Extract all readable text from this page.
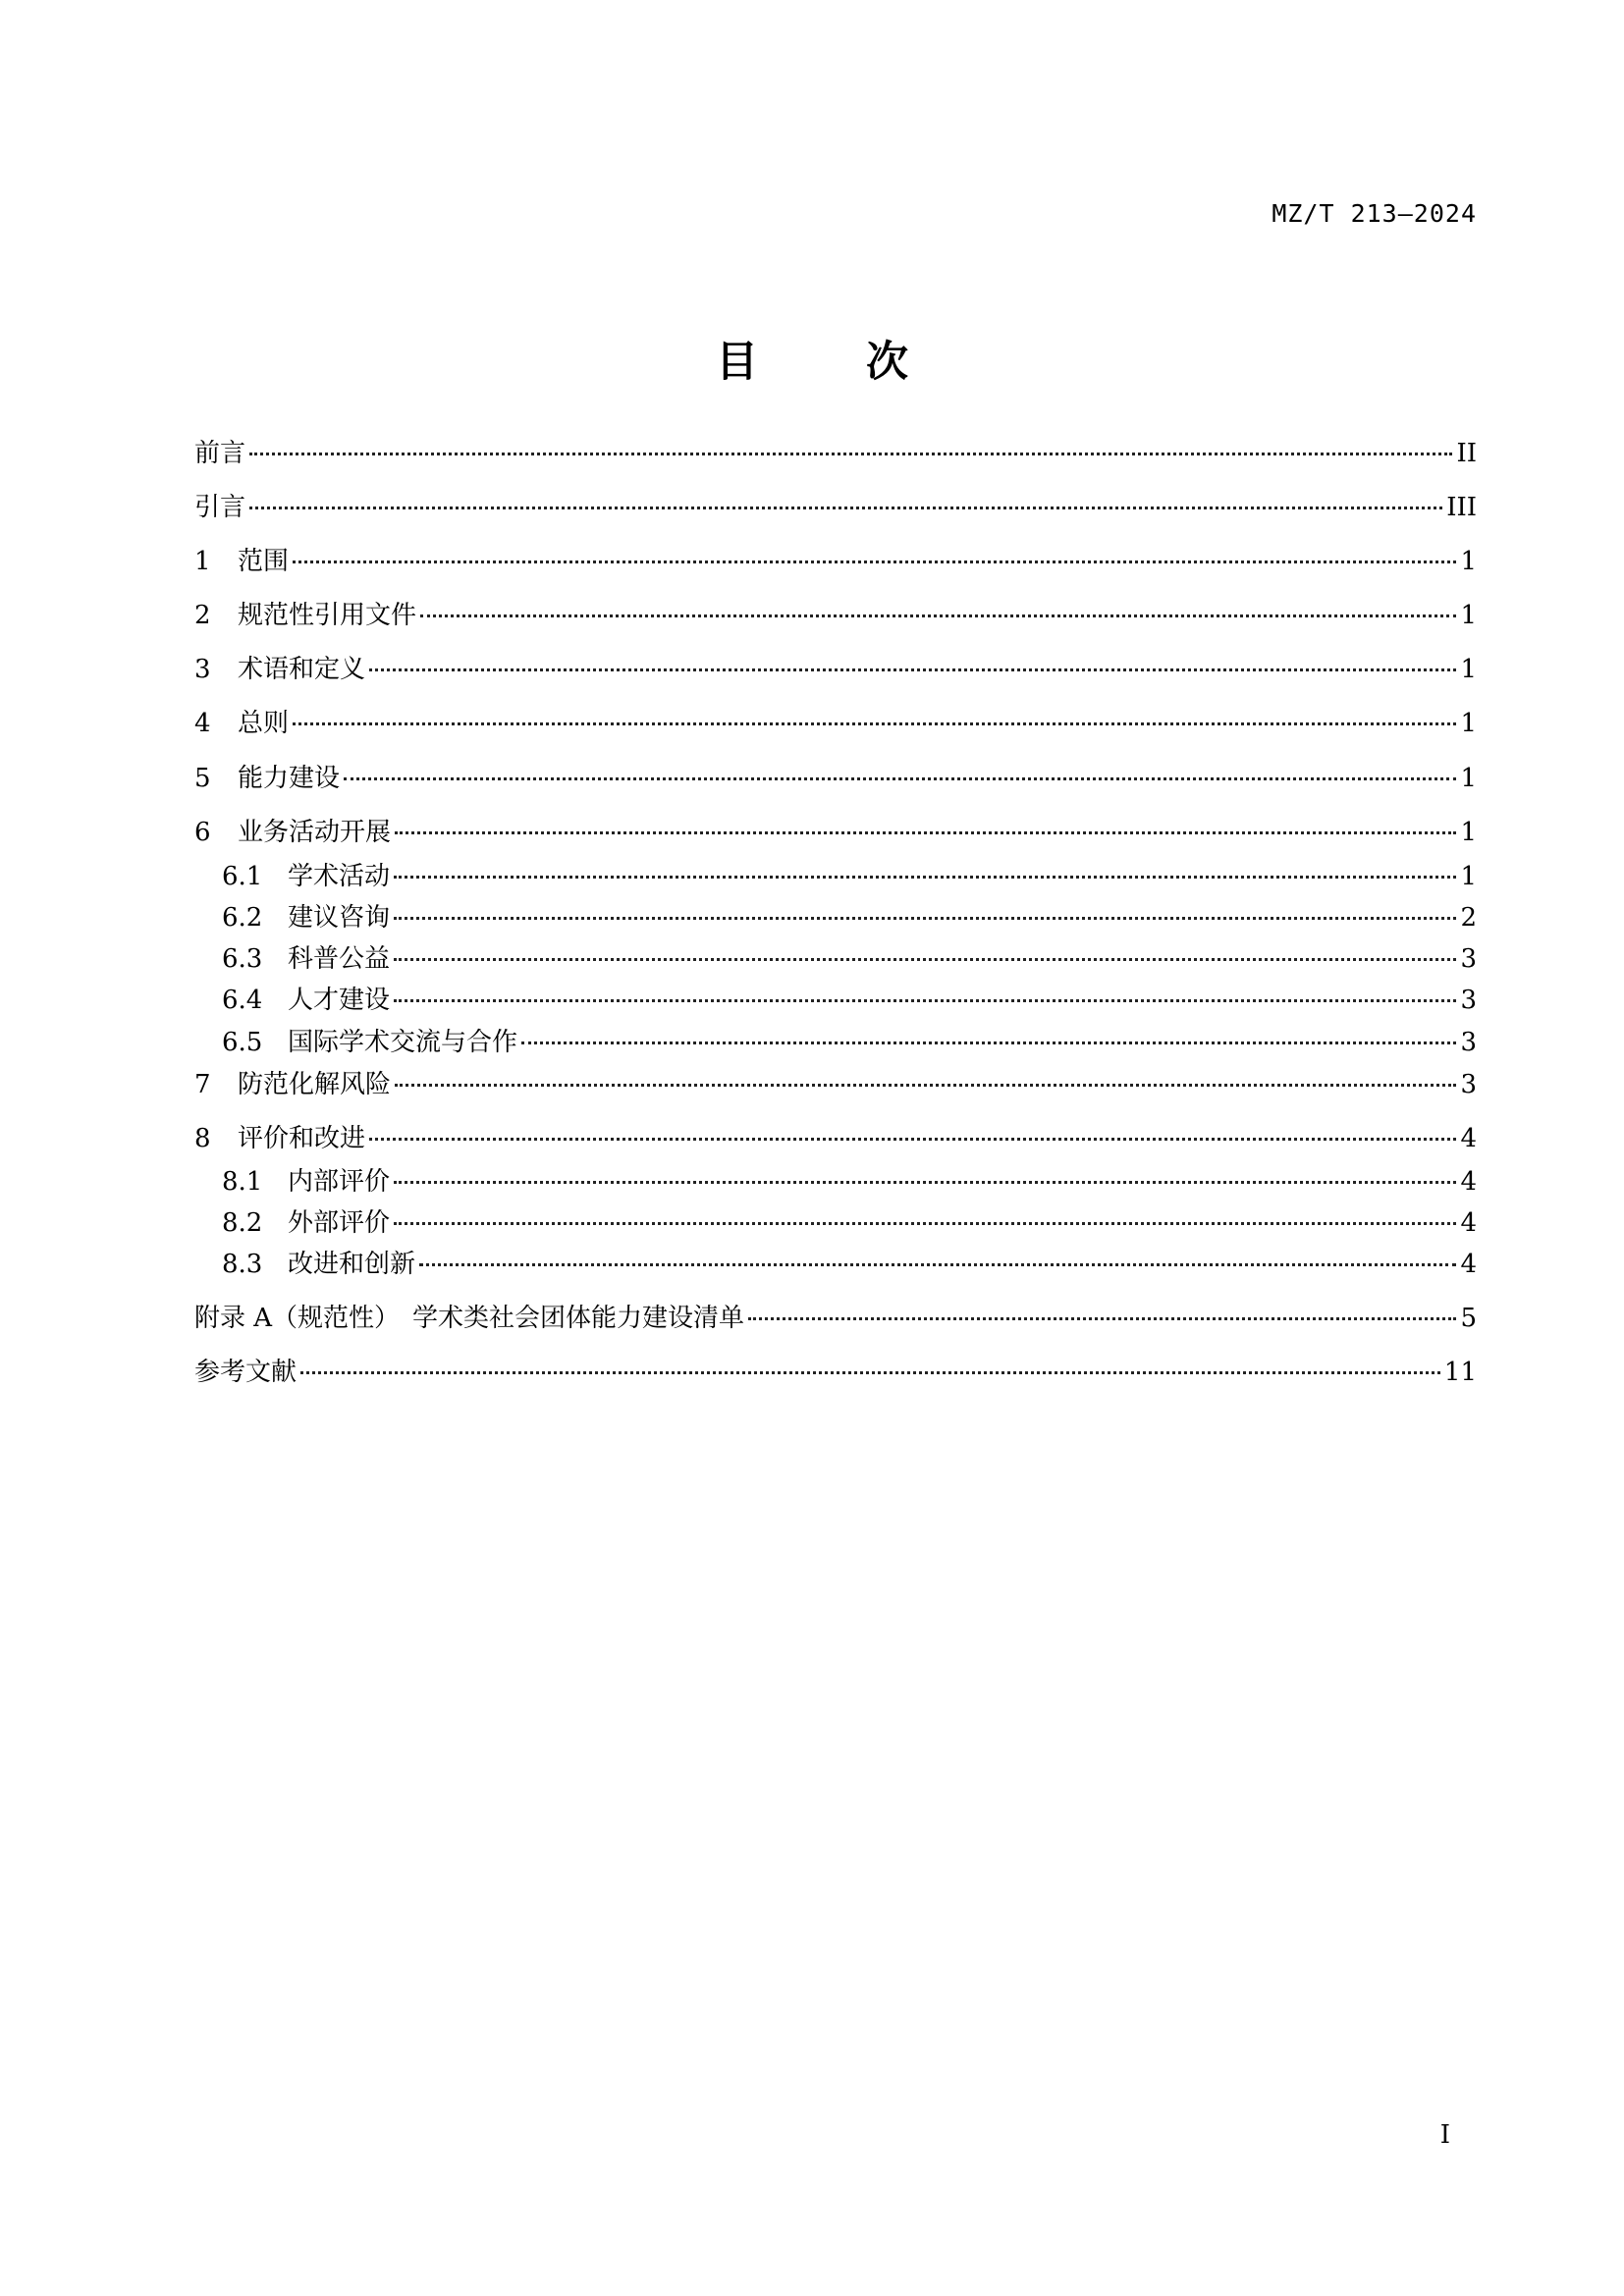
MZ/T 213—2024
目	次
前言	II
引言	III
1	范围	1
2	规范性引用文件	1
3	术语和定义	1
4	总则	1
5	能力建设	1
6	业务活动开展	1
6.1 学术活动	1
6.2 建议咨询	2
6.3 科普公益	3
6.4 人才建设	3
6.5 国际学术交流与合作	3
7	防范化解风险	3
8	评价和改进	4
8.1 内部评价	4
8.2 外部评价	4
8.3 改进和创新	4
附录 A（规范性）　学术类社会团体能力建设清单	5
参考文献	11
I
